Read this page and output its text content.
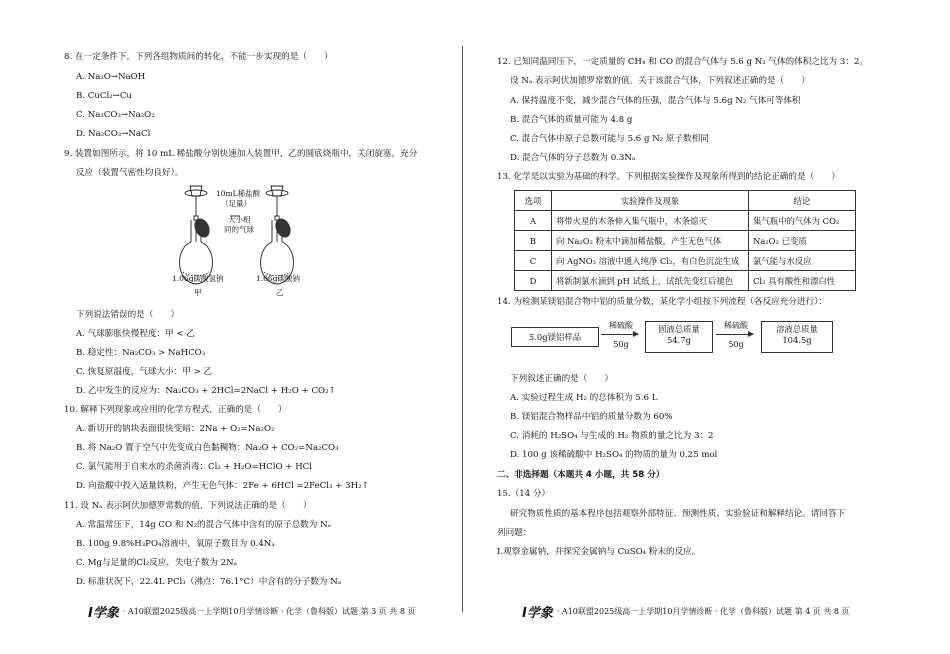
8. 在一定条件下，下列各组物质间的转化，不能一步实现的是（　　）
A. Na₂O→NaOH
B. CuCl₂→Cu
C. Na₂CO₃→Na₂O₂
D. Na₂CO₃→NaCl
9. 装置如图所示，将 10 mL 稀盐酸分别快速加入装置甲，乙的圆底烧瓶中，关闭旋塞，充分
反应（装置气密性均良好）。
10mL稀盐酸
（足量）
大小相
同的气球
1.06g碳酸氢钠	1.06g碳酸钠
甲	乙
下列说法错误的是（　　）
A. 气球膨胀快慢程度：甲 < 乙
B. 稳定性：Na₂CO₃ > NaHCO₃
C. 恢复原温度，气球大小：甲 > 乙
D. 乙中发生的反应为：Na₂CO₃ + 2HCl=2NaCl + H₂O + CO₂↑
10. 解释下列现象或应用的化学方程式，正确的是（　　）
A. 新切开的钠块表面很快变暗：2Na + O₂=Na₂O₂
B. 将 Na₂O 置于空气中先变成白色黏稠物：Na₂O + CO₂=Na₂CO₃
C. 氯气能用于自来水的杀菌消毒：Cl₂ + H₂O=HClO + HCl
D. 向盐酸中投入适量铁粉，产生无色气体：2Fe + 6HCl =2FeCl₃ + 3H₂↑
11. 设 Nₐ 表示阿伏加德罗常数的值，下列说法正确的是（　　）
A. 常温常压下，14g CO 和 N₂的混合气体中含有的原子总数为 Nₐ
B. 100g 9.8%H₃PO₄溶液中，氧原子数目为 0.4Nₐ
C. Mg与足量的Cl₂反应，失电子数为 2Nₐ
D. 标准状况下，22.4L PCl₃（沸点：76.1°C）中含有的分子数为 Nₐ
I学象 · A10联盟2025级高一上学期10月学情诊断 · 化学（鲁科版）试题 第 3 页 共 8 页
12. 已知同温同压下，一定质量的 CH₄ 和 CO 的混合气体与 5.6 g N₂ 气体的体积之比为 3：2。
设 Nₐ 表示阿伏加德罗常数的值。关于该混合气体，下列叙述正确的是（　　）
A. 保持温度不变，减少混合气体的压强，混合气体与 5.6g N₂ 气体可等体积
B. 混合气体的质量可能为 4.8 g
C. 混合气体中原子总数可能与 5.6 g N₂ 原子数相同
D. 混合气体的分子总数为 0.3Nₐ
13. 化学是以实验为基础的科学。下列根据实验操作及现象所得到的结论正确的是（　　）
选项	实验操作及现象	结论
A	将带火星的木条伸入集气瓶中，木条熄灭	集气瓶中的气体为 CO₂
B	向 Na₂O₂ 粉末中滴加稀盐酸，产生无色气体	Na₂O₂ 已变质
C	向 AgNO₃ 溶液中通入纯净 Cl₂，有白色沉淀生成	氯气能与水反应
D	将新制氯水滴到 pH 试纸上，试纸先变红后褪色	Cl₂ 具有酸性和漂白性
14. 为检测某镁铝混合物中铝的质量分数，某化学小组按下列流程（各反应充分进行）：
5.0g镁铝样品
稀硫酸
50g
固液总质量
54.7g
稀硫酸
50g
溶液总质量
104.5g
下列叙述正确的是（　　）
A. 实验过程生成 H₂ 的总体积为 5.6 L
B. 镁铝混合物样品中铝的质量分数为 60%
C. 消耗的 H₂SO₄ 与生成的 H₂ 物质的量之比为 3：2
D. 100 g 该稀硫酸中 H₂SO₄ 的物质的量为 0.25 mol
二、非选择题（本题共 4 小题，共 58 分）
15.（14 分）
研究物质性质的基本程序包括观察外部特征、预测性质、实验验证和解释结论。请回答下
列问题：
Ⅰ.观察金属钠，并探究金属钠与 CuSO₄ 粉末的反应。
I学象 · A10联盟2025级高一上学期10月学情诊断 · 化学（鲁科版）试题 第 4 页 共 8 页
